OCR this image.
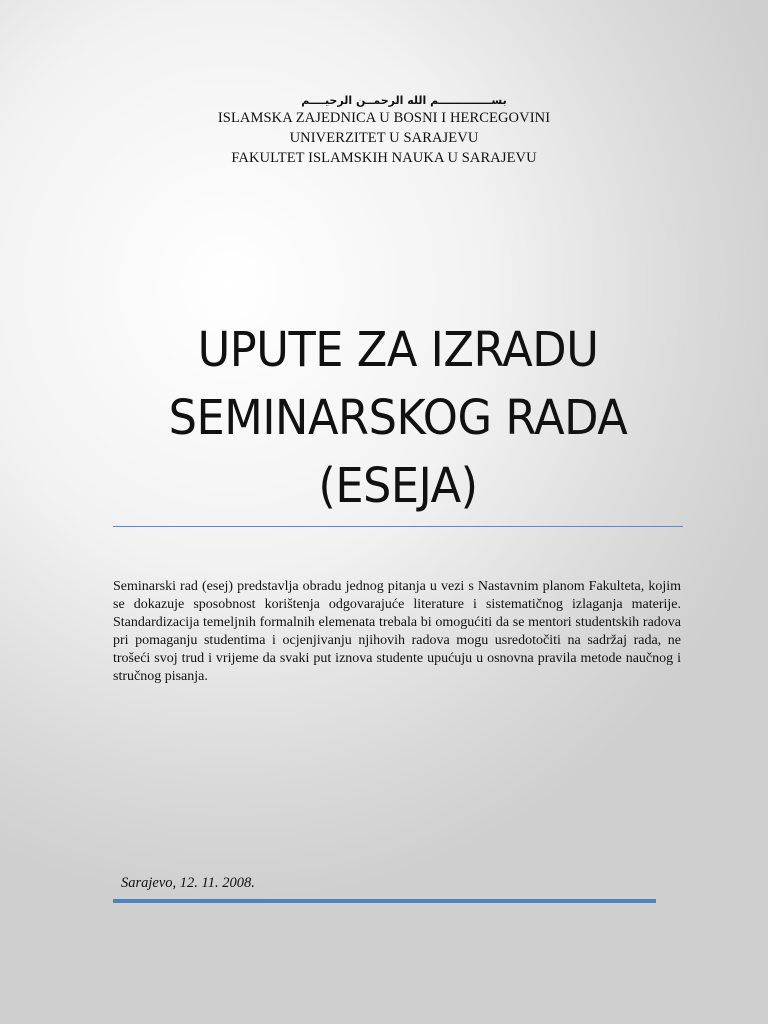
بســــــــــــــم الله الرحمــن الرحيــــم
ISLAMSKA ZAJEDNICA U BOSNI I HERCEGOVINI
UNIVERZITET U SARAJEVU
FAKULTET ISLAMSKIH NAUKA U SARAJEVU
UPUTE ZA IZRADU
SEMINARSKOG RADA
(ESEJA)

Seminarski rad (esej) predstavlja obradu jednog pitanja u vezi s Nastavnim planom Fakulteta, kojim se dokazuje sposobnost korištenja odgovarajuće literature i sistematičnog izlaganja materije. Standardizacija temeljnih formalnih elemenata trebala bi omogućiti da se mentori studentskih radova pri pomaganju studentima i ocjenjivanju njihovih radova mogu usredotočiti na sadržaj rada, ne trošeći svoj trud i vrijeme da svaki put iznova studente upućuju u osnovna pravila metode naučnog i stručnog pisanja.

Sarajevo, 12. 11. 2008.
